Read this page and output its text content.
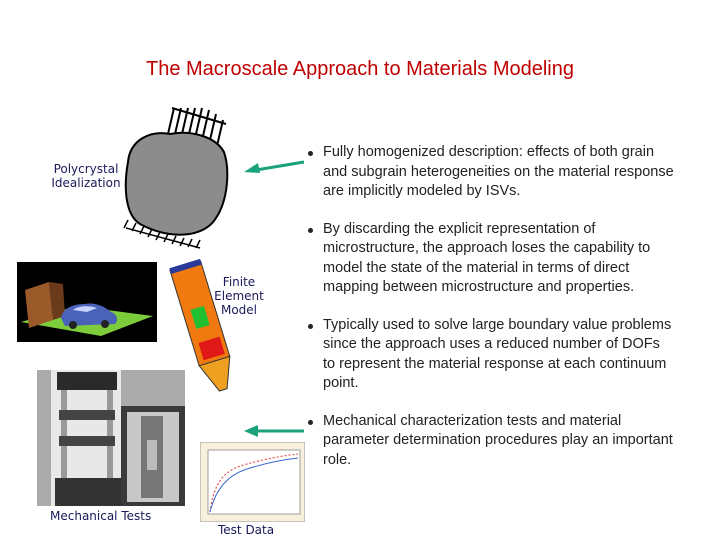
The Macroscale Approach to Materials Modeling
Polycrystal
Idealization
Finite
Element
Model
Mechanical Tests
Test Data
Fully homogenized description: effects of both grain and subgrain heterogeneities on the material response are implicitly modeled by ISVs.
By discarding the explicit representation of microstructure, the approach loses the capability to model the state of the material in terms of direct mapping between microstructure and properties.
Typically used to solve large boundary value problems since the approach uses a reduced number of DOFs to represent the material response at each continuum point.
Mechanical characterization tests and material parameter determination procedures play an important role.
